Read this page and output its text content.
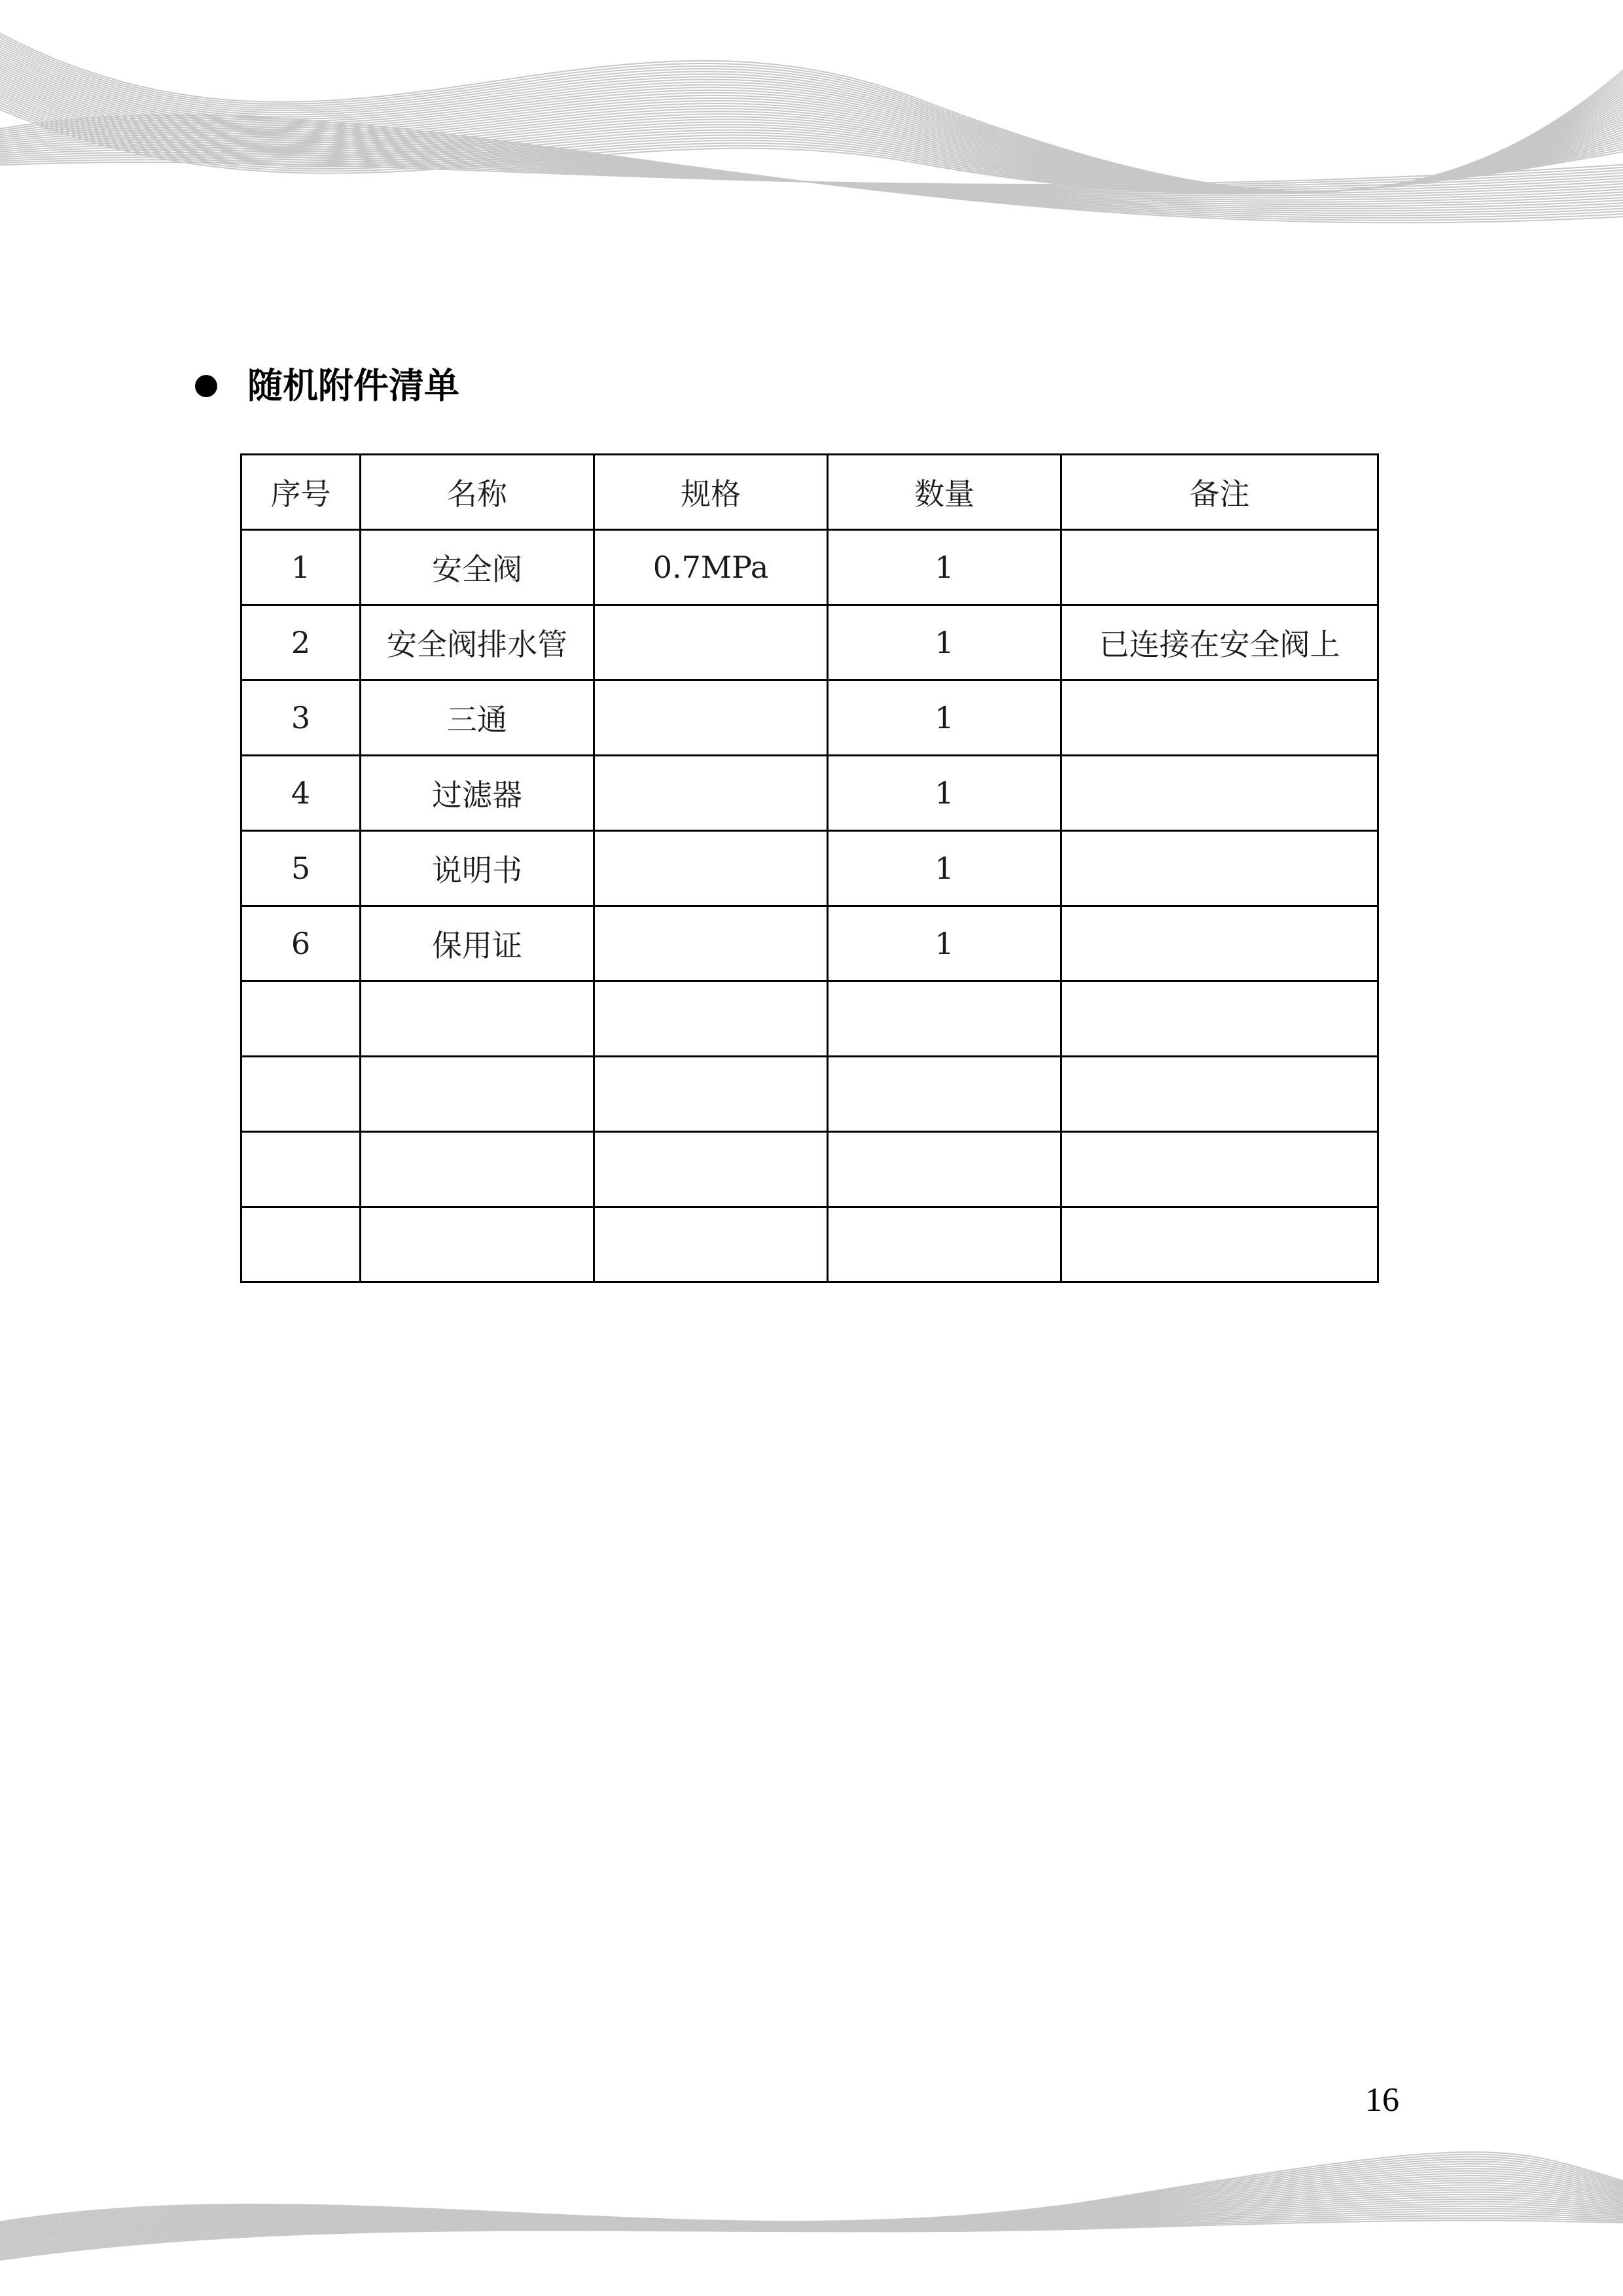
随机附件清单
序号	名称	规格	数量	备注
1	安全阀	0.7MPa	1	
2	安全阀排水管		1	已连接在安全阀上
3	三通		1	
4	过滤器		1	
5	说明书		1	
6	保用证		1	

16
